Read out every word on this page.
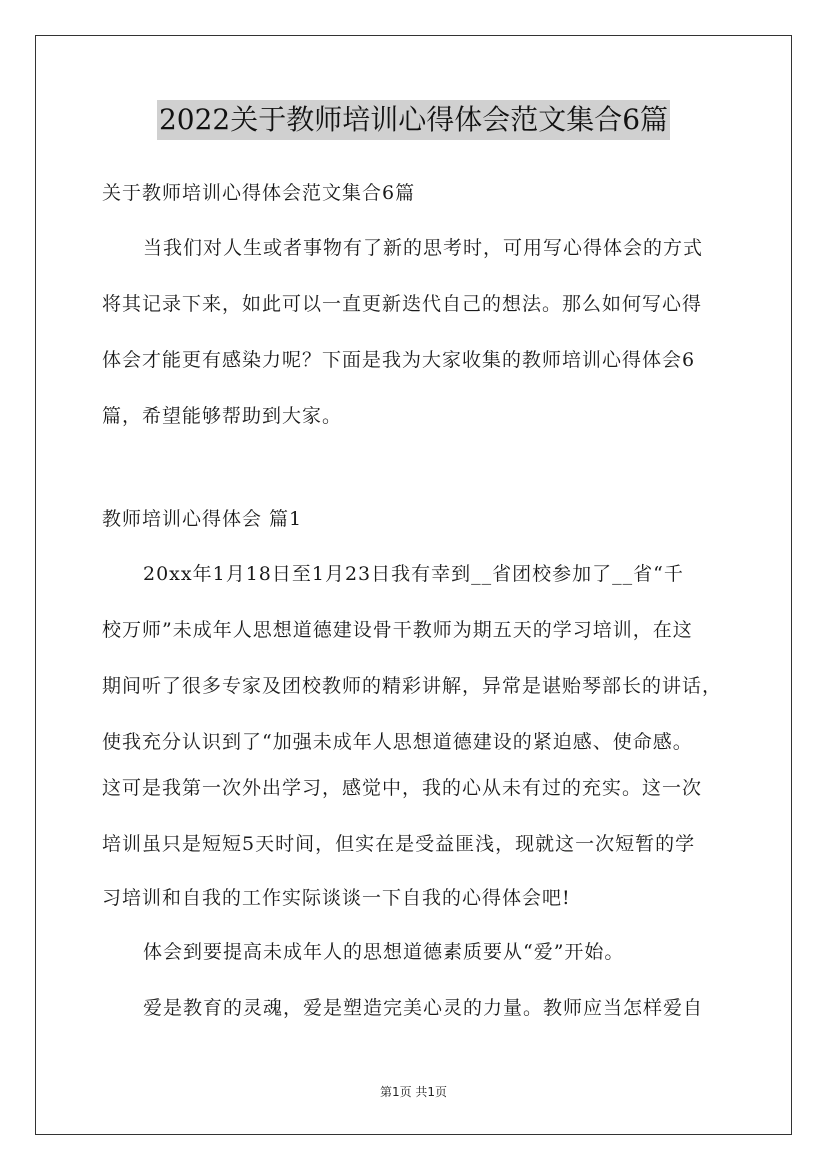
2022关于教师培训心得体会范文集合6篇

关于教师培训心得体会范文集合6篇

当我们对人生或者事物有了新的思考时，可用写心得体会的方式

将其记录下来，如此可以一直更新迭代自己的想法。那么如何写心得

体会才能更有感染力呢？下面是我为大家收集的教师培训心得体会6

篇，希望能够帮助到大家。

教师培训心得体会 篇1

20xx年1月18日至1月23日我有幸到__省团校参加了__省“千

校万师”未成年人思想道德建设骨干教师为期五天的学习培训，在这

期间听了很多专家及团校教师的精彩讲解，异常是谌贻琴部长的讲话，

使我充分认识到了“加强未成年人思想道德建设的紧迫感、使命感。

这可是我第一次外出学习，感觉中，我的心从未有过的充实。这一次

培训虽只是短短5天时间，但实在是受益匪浅，现就这一次短暂的学

习培训和自我的工作实际谈谈一下自我的心得体会吧!

体会到要提高未成年人的思想道德素质要从“爱”开始。

爱是教育的灵魂，爱是塑造完美心灵的力量。教师应当怎样爱自

第1页 共1页
